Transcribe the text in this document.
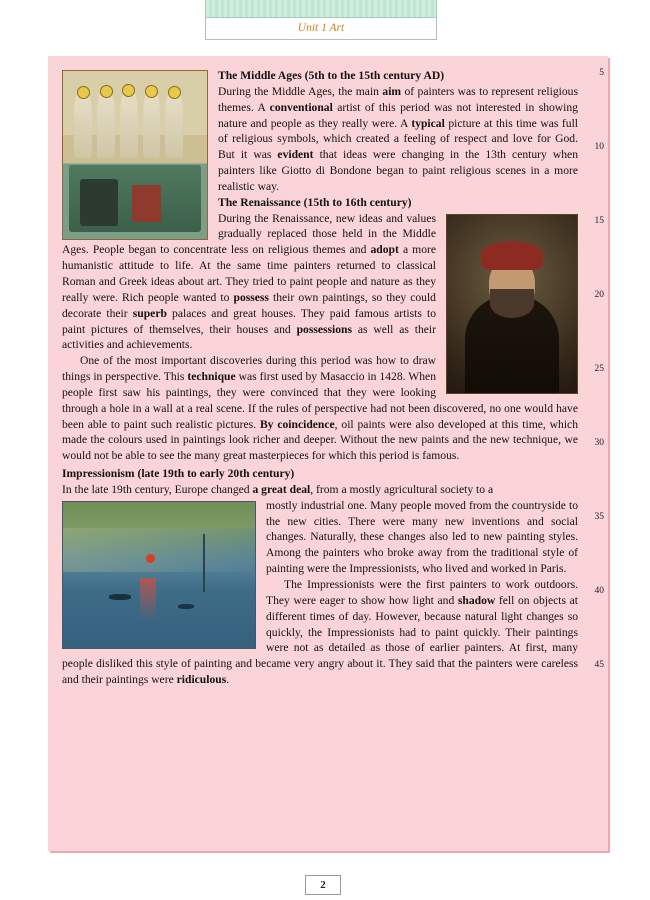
Unit 1 Art
5
10
15
20
25
30
35
40
45

The Middle Ages (5th to the 15th century AD)

During the Middle Ages, the main aim of painters was to represent religious themes. A conventional artist of this period was not interested in showing nature and people as they really were. A typical picture at this time was full of religious symbols, which created a feeling of respect and love for God. But it was evident that ideas were changing in the 13th century when painters like Giotto di Bondone began to paint religious scenes in a more realistic way.

The Renaissance (15th to 16th century)

During the Renaissance, new ideas and values gradually replaced those held in the Middle Ages. People began to concentrate less on religious themes and adopt a more humanistic attitude to life. At the same time painters returned to classical Roman and Greek ideas about art. They tried to paint people and nature as they really were. Rich people wanted to possess their own paintings, so they could decorate their superb palaces and great houses. They paid famous artists to paint pictures of themselves, their houses and possessions as well as their activities and achievements.

One of the most important discoveries during this period was how to draw things in perspective. This technique was first used by Masaccio in 1428. When people first saw his paintings, they were convinced that they were looking through a hole in a wall at a real scene. If the rules of perspective had not been discovered, no one would have been able to paint such realistic pictures. By coincidence, oil paints were also developed at this time, which made the colours used in paintings look richer and deeper. Without the new paints and the new technique, we would not be able to see the many great masterpieces for which this period is famous.

Impressionism (late 19th to early 20th century)

In the late 19th century, Europe changed a great deal, from a mostly agricultural society to a

mostly industrial one. Many people moved from the countryside to the new cities. There were many new inventions and social changes. Naturally, these changes also led to new painting styles. Among the painters who broke away from the traditional style of painting were the Impressionists, who lived and worked in Paris.

The Impressionists were the first painters to work outdoors. They were eager to show how light and shadow fell on objects at different times of day. However, because natural light changes so quickly, the Impressionists had to paint quickly. Their paintings were not as detailed as those of earlier painters. At first, many people disliked this style of painting and became very angry about it. They said that the painters were careless and their paintings were ridiculous.

2
